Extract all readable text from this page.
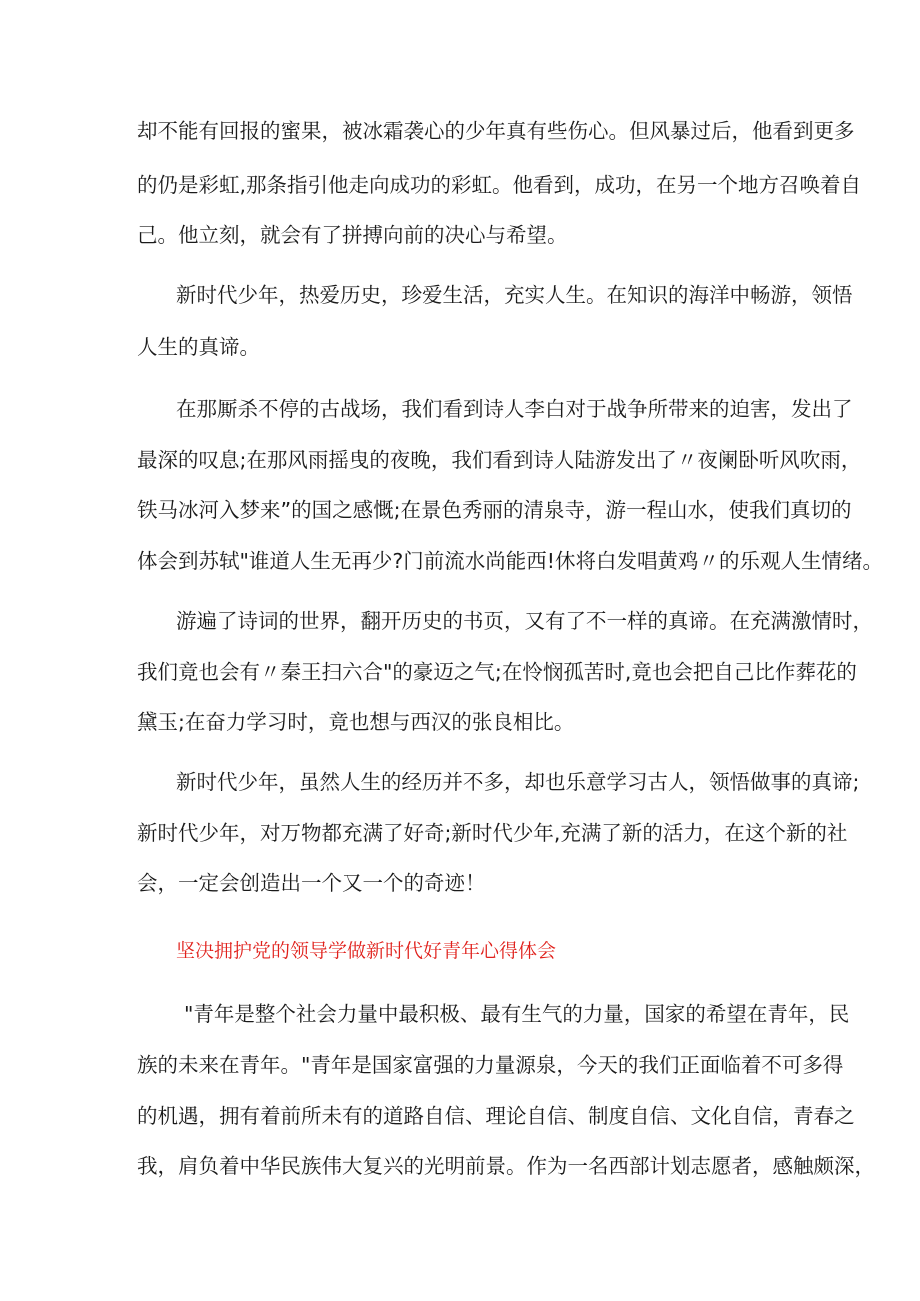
却不能有回报的蜜果，被冰霜袭心的少年真有些伤心。但风暴过后，他看到更多

的仍是彩虹,那条指引他走向成功的彩虹。他看到，成功，在另一个地方召唤着自

己。他立刻，就会有了拼搏向前的决心与希望。

新时代少年，热爱历史，珍爱生活，充实人生。在知识的海洋中畅游，领悟

人生的真谛。

在那厮杀不停的古战场，我们看到诗人李白对于战争所带来的迫害，发出了

最深的叹息;在那风雨摇曳的夜晚，我们看到诗人陆游发出了〃夜阑卧听风吹雨，

铁马冰河入梦来”的国之感慨;在景色秀丽的清泉寺，游一程山水，使我们真切的

体会到苏轼"谁道人生无再少?门前流水尚能西!休将白发唱黄鸡〃的乐观人生情绪。

游遍了诗词的世界，翻开历史的书页，又有了不一样的真谛。在充满激情时，

我们竟也会有〃秦王扫六合"的豪迈之气;在怜悯孤苦时,竟也会把自己比作葬花的

黛玉;在奋力学习时，竟也想与西汉的张良相比。

新时代少年，虽然人生的经历并不多，却也乐意学习古人，领悟做事的真谛;

新时代少年，对万物都充满了好奇;新时代少年,充满了新的活力，在这个新的社

会，一定会创造出一个又一个的奇迹！

坚决拥护党的领导学做新时代好青年心得体会

"青年是整个社会力量中最积极、最有生气的力量，国家的希望在青年，民

族的未来在青年。"青年是国家富强的力量源泉，今天的我们正面临着不可多得

的机遇，拥有着前所未有的道路自信、理论自信、制度自信、文化自信，青春之

我，肩负着中华民族伟大复兴的光明前景。作为一名西部计划志愿者，感触颇深，
